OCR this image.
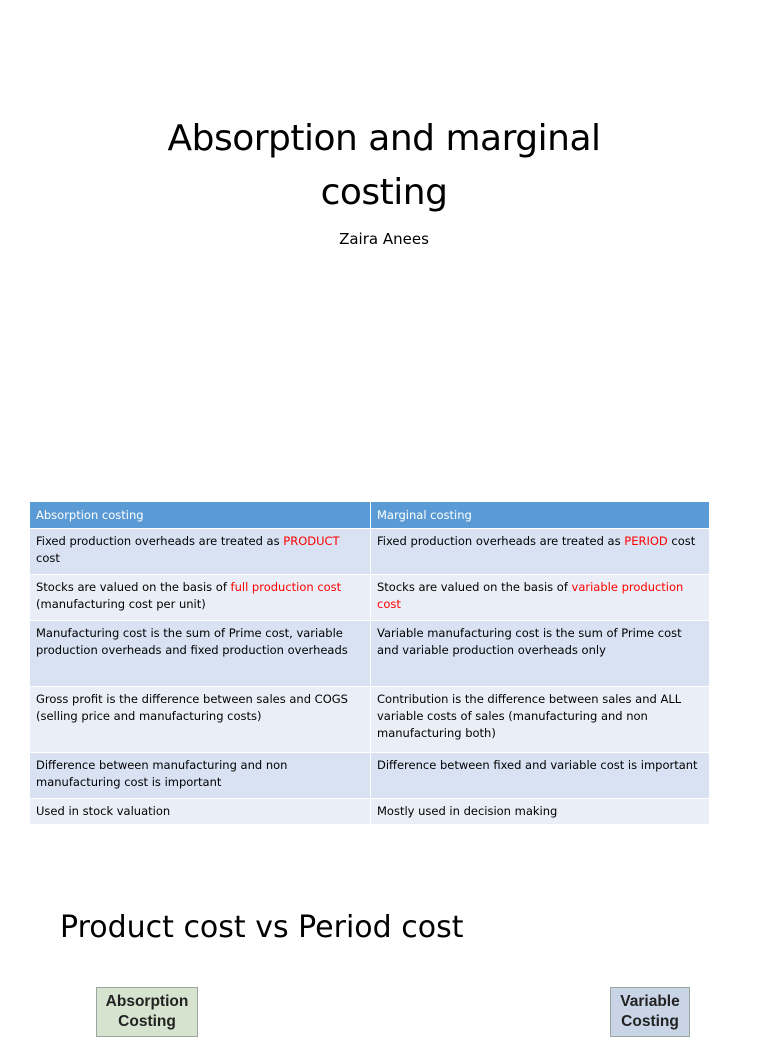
Absorption and marginal
costing
Zaira Anees
Absorption costing	Marginal costing
Fixed production overheads are treated as PRODUCT cost	Fixed production overheads are treated as PERIOD cost
Stocks are valued on the basis of full production cost (manufacturing cost per unit)	Stocks are valued on the basis of variable production cost
Manufacturing cost is the sum of Prime cost, variable production overheads and fixed production overheads	Variable manufacturing cost is the sum of Prime cost and variable production overheads only
Gross profit is the difference between sales and COGS (selling price and manufacturing costs)	Contribution is the difference between sales and ALL variable costs of sales (manufacturing and non manufacturing both)
Difference between manufacturing and non manufacturing cost is important	Difference between fixed and variable cost is important
Used in stock valuation	Mostly used in decision making
Product cost vs Period cost
Absorption Costing
Variable Costing
